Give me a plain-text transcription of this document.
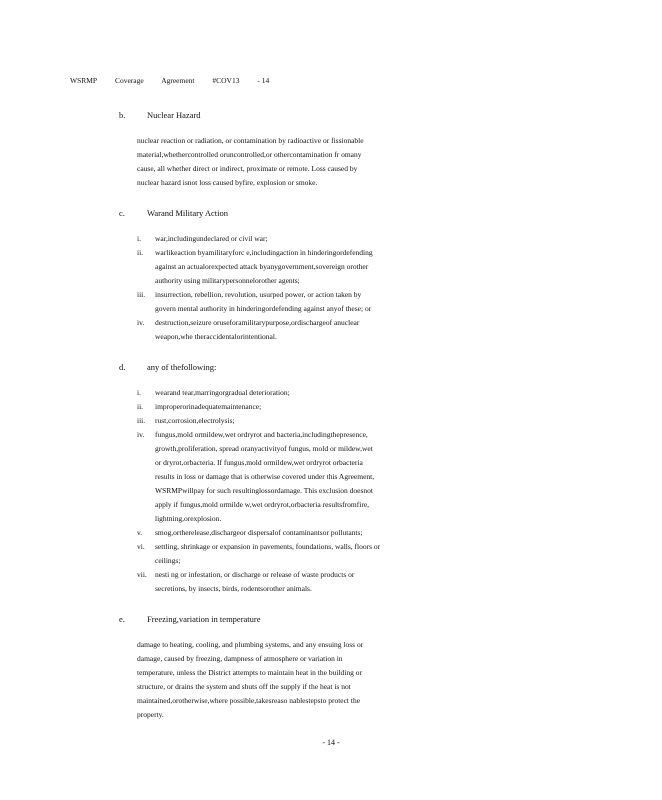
WSRMP Coverage Agreement #COV13 - 14

b.	Nuclear Hazard

nuclear reaction or radiation, or contamination by radioactive or fissionable

material,whethercontrolled oruncontrolled,or othercontamination fr omany

cause, all whether direct or indirect, proximate or remote. Loss caused by

nuclear hazard isnot loss caused byfire, explosion or smoke.

c.	Warand Military Action

i.	war,includingundeclared or civil war;
ii.	warlikeaction byamilitaryforc e,includingaction in hinderingordefending
against an actualorexpected attack byanygovernment,sovereign orother
authority using militarypersonnelorother agents;
iii.	insurrection, rebellion, revolution, usurped power, or action taken by
govern mental authority in hinderingordefending against anyof these; or
iv.	destruction,seizure oruseforamilitarypurpose,ordischargeof anuclear
weapon,whe theraccidentalorintentional.

d.	any of thefollowing:

i.	wearand tear,marringorgradual deterioration;
ii.	improperorinadequatemaintenance;
iii.	rust,corrosion,electrolysis;
iv.	fungus,mold ormildew,wet ordryrot and bacteria,includingthepresence,
growth,proliferation, spread oranyactivityof fungus, mold or mildew,wet
or dryrot,orbacteria. If fungus,mold ormildew,wet ordryrot orbacteria
results in loss or damage that is otherwise covered under this Agreement,
WSRMPwillpay for such resultinglossordamage. This exclusion doesnot
apply if fungus,mold ormilde w,wet ordryrot,orbacteria resultsfromfire,
lightning,orexplosion.
v.	smog,ortherelease,dischargeor dispersalof contaminantsor pollutants;
vi.	settling, shrinkage or expansion in pavements, foundations, walls, floors or
ceilings;
vii.	nesti ng or infestation, or discharge or release of waste products or
secretions, by insects, birds, rodentsorother animals.

e.	Freezing,variation in temperature

damage to heating, cooling, and plumbing systems, and any ensuing loss or

damage, caused by freezing, dampness of atmosphere or variation in

temperature, unless the District attempts to maintain heat in the building or

structure, or drains the system and shuts off the supply if the heat is not

maintained,orotherwise,where possible,takesreaso nablestepsto protect the

property.

- 14 -
